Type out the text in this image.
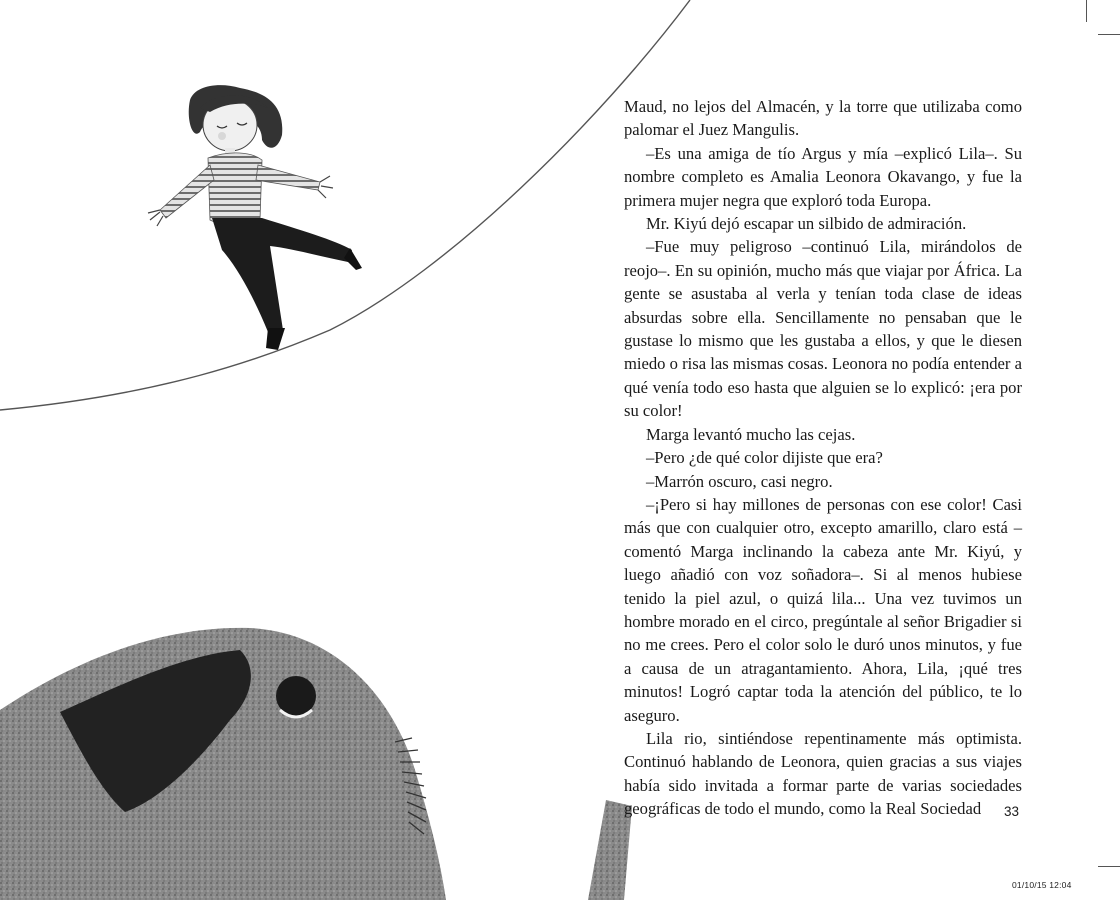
Maud, no lejos del Almacén, y la torre que utilizaba como palomar el Juez Mangulis.

–Es una amiga de tío Argus y mía –explicó Lila–. Su nombre completo es Amalia Leonora Okavango, y fue la primera mujer negra que exploró toda Europa.

Mr. Kiyú dejó escapar un silbido de admiración.

–Fue muy peligroso –continuó Lila, mirándolos de reojo–. En su opinión, mucho más que viajar por África. La gente se asustaba al verla y tenían toda clase de ideas absurdas sobre ella. Sencillamente no pensaban que le gustase lo mismo que les gustaba a ellos, y que le diesen miedo o risa las mismas cosas. Leonora no podía entender a qué venía todo eso hasta que alguien se lo explicó: ¡era por su color!

Marga levantó mucho las cejas.

–Pero ¿de qué color dijiste que era?

–Marrón oscuro, casi negro.

–¡Pero si hay millones de personas con ese color! Casi más que con cualquier otro, excepto amarillo, claro está –comentó Marga inclinando la cabeza ante Mr. Kiyú, y luego añadió con voz soñadora–. Si al menos hubiese tenido la piel azul, o quizá lila... Una vez tuvimos un hombre morado en el circo, pregúntale al señor Brigadier si no me crees. Pero el color solo le duró unos minutos, y fue a causa de un atragantamiento. Ahora, Lila, ¡qué tres minutos! Logró captar toda la atención del público, te lo aseguro.

Lila rio, sintiéndose repentinamente más optimista. Continuó hablando de Leonora, quien gracias a sus viajes había sido invitada a formar parte de varias sociedades geográficas de todo el mundo, como la Real Sociedad	33
01/10/15 12:04
